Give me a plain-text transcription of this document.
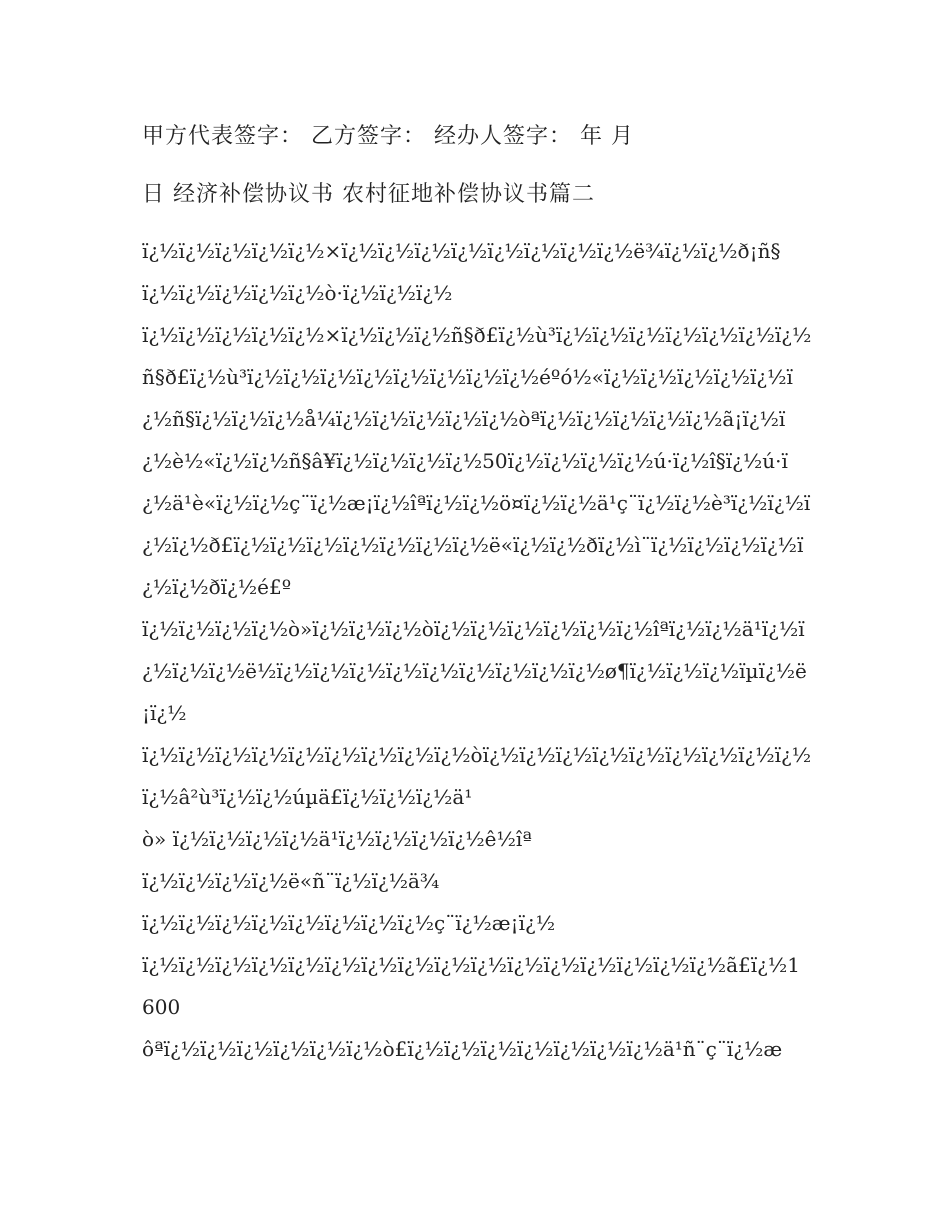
甲方代表签字： 乙方签字： 经办人签字： 年 月

日 经济补偿协议书 农村征地补偿协议书篇二

ï¿½ï¿½ï¿½ï¿½ï¿½×ï¿½ï¿½ï¿½ï¿½ï¿½ï¿½ï¿½ï¿½ë¾ï¿½ï¿½ð¡ñ§

ï¿½ï¿½ï¿½ï¿½ï¿½ò·ï¿½ï¿½ï¿½

ï¿½ï¿½ï¿½ï¿½ï¿½×ï¿½ï¿½ï¿½ñ§ð£ï¿½ù³ï¿½ï¿½ï¿½ï¿½ï¿½ï¿½ï¿½ñ§ð£ï¿½ù³ï¿½ï¿½ï¿½ï¿½ï¿½ï¿½ï¿½ï¿½éºó½«ï¿½ï¿½ï¿½ï¿½ï¿½ï¿½ñ§ï¿½ï¿½ï¿½å¼ï¿½ï¿½ï¿½ï¿½ï¿½òªï¿½ï¿½ï¿½ï¿½ï¿½ã¡ï¿½ï¿½è½«ï¿½ï¿½ñ§â¥ï¿½ï¿½ï¿½ï¿½50ï¿½ï¿½ï¿½ï¿½ú·ï¿½î§ï¿½ú·ï¿½ä¹è«ï¿½ï¿½ç¨ï¿½æ¡ï¿½îªï¿½ï¿½ö¤ï¿½ï¿½ä¹ç¨ï¿½ï¿½è³ï¿½ï¿½ï¿½ï¿½ð£ï¿½ï¿½ï¿½ï¿½ï¿½ï¿½ï¿½ë«ï¿½ï¿½ðï¿½ì¨ï¿½ï¿½ï¿½ï¿½ï¿½ï¿½ðï¿½é£º

ï¿½ï¿½ï¿½ï¿½ò»ï¿½ï¿½ï¿½òï¿½ï¿½ï¿½ï¿½ï¿½ï¿½îªï¿½ï¿½ä¹ï¿½ï¿½ï¿½ï¿½ë½ï¿½ï¿½ï¿½ï¿½ï¿½ï¿½ï¿½ï¿½ï¿½ø¶ï¿½ï¿½ï¿½ïµï¿½ë¡ï¿½

ï¿½ï¿½ï¿½ï¿½ï¿½ï¿½ï¿½ï¿½ï¿½òï¿½ï¿½ï¿½ï¿½ï¿½ï¿½ï¿½ï¿½ï¿½ï¿½â²ù³ï¿½ï¿½úµä£ï¿½ï¿½ï¿½ä¹

ò» ï¿½ï¿½ï¿½ï¿½ä¹ï¿½ï¿½ï¿½ï¿½ê½îª

ï¿½ï¿½ï¿½ï¿½ë«ñ¨ï¿½ï¿½ä¾

ï¿½ï¿½ï¿½ï¿½ï¿½ï¿½ï¿½ï¿½ç¨ï¿½æ¡ï¿½

ï¿½ï¿½ï¿½ï¿½ï¿½ï¿½ï¿½ï¿½ï¿½ï¿½ï¿½ï¿½ï¿½ï¿½ï¿½ï¿½ã£ï¿½1600

ôªï¿½ï¿½ï¿½ï¿½ï¿½ï¿½ò£ï¿½ï¿½ï¿½ï¿½ï¿½ï¿½ï¿½ä¹ñ¨ç¨ï¿½æ
